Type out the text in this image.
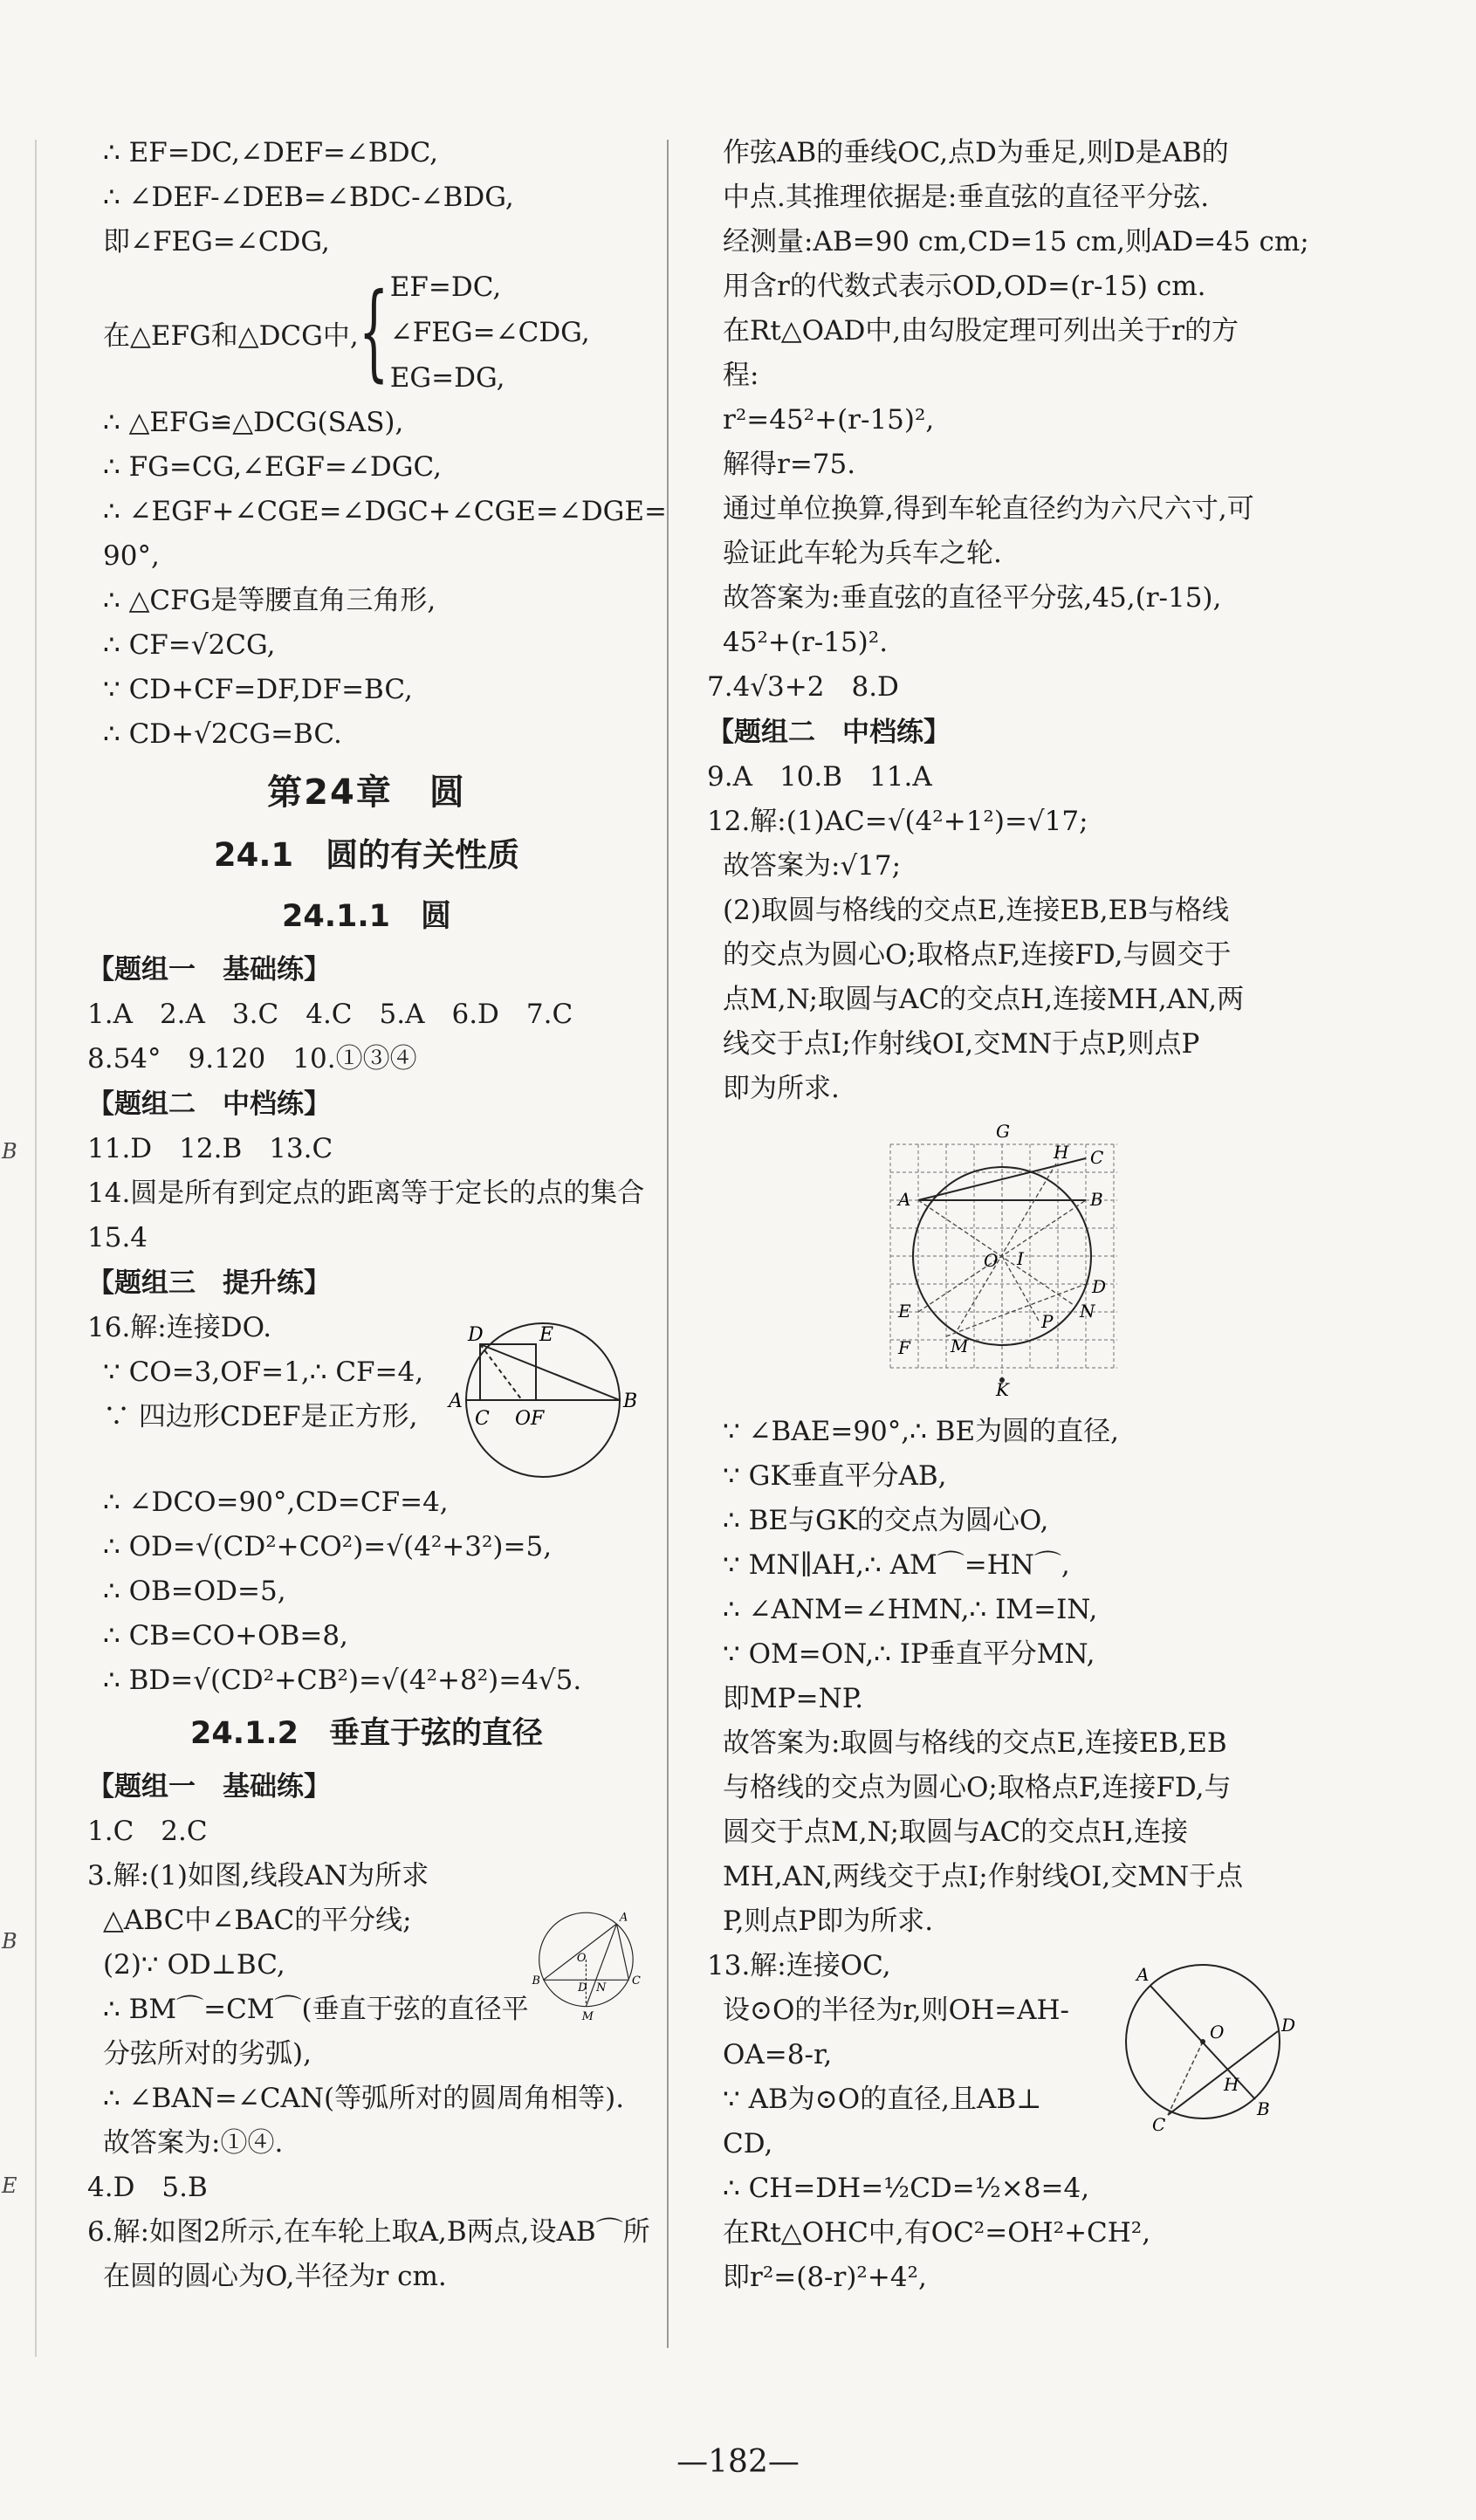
B
B
E
∴ EF=DC,∠DEF=∠BDC,
∴ ∠DEF-∠DEB=∠BDC-∠BDG,
即∠FEG=∠CDG,
在△EFG和△DCG中, { EF=DC,
∠FEG=∠CDG,
EG=DG,
∴ △EFG≌△DCG(SAS),
∴ FG=CG,∠EGF=∠DGC,
∴ ∠EGF+∠CGE=∠DGC+∠CGE=∠DGE=
90°,
∴ △CFG是等腰直角三角形,
∴ CF=√2CG,
∵ CD+CF=DF,DF=BC,
∴ CD+√2CG=BC.
第24章　圆
24.1　圆的有关性质
24.1.1　圆
【题组一　基础练】
1.A　2.A　3.C　4.C　5.A　6.D　7.C
8.54°　9.120　10.①③④
【题组二　中档练】
11.D　12.B　13.C
14.圆是所有到定点的距离等于定长的点的集合
15.4
【题组三　提升练】
16.解:连接DO.
∵ CO=3,OF=1,∴ CF=4,
∵ 四边形CDEF是正方形,
D	E
A
C O F
B
∴ ∠DCO=90°,CD=CF=4,
∴ OD=√(CD²+CO²)=√(4²+3²)=5,
∴ OB=OD=5,
∴ CB=CO+OB=8,
∴ BD=√(CD²+CB²)=√(4²+8²)=4√5.
24.1.2　垂直于弦的直径
【题组一　基础练】
1.C　2.C
3.解:(1)如图,线段AN为所求
△ABC中∠BAC的平分线;
(2)∵ OD⊥BC,
∴ BM⌒=CM⌒(垂直于弦的直径平
分弦所对的劣弧),
A
O
B
D N
C
M
∴ ∠BAN=∠CAN(等弧所对的圆周角相等).
故答案为:①④.
4.D　5.B
6.解:如图2所示,在车轮上取A,B两点,设AB⌒所
在圆的圆心为O,半径为r cm.
作弦AB的垂线OC,点D为垂足,则D是AB的
中点.其推理依据是:垂直弦的直径平分弦.
经测量:AB=90 cm,CD=15 cm,则AD=45 cm;
用含r的代数式表示OD,OD=(r-15) cm.
在Rt△OAD中,由勾股定理可列出关于r的方
程:
r²=45²+(r-15)²,
解得r=75.
通过单位换算,得到车轮直径约为六尺六寸,可
验证此车轮为兵车之轮.
故答案为:垂直弦的直径平分弦,45,(r-15),
45²+(r-15)².
7.4√3+2　8.D
【题组二　中档练】
9.A　10.B　11.A
12.解:(1)AC=√(4²+1²)=√17;
故答案为:√17;
(2)取圆与格线的交点E,连接EB,EB与格线
的交点为圆心O;取格点F,连接FD,与圆交于
点M,N;取圆与AC的交点H,连接MH,AN,两
线交于点I;作射线OI,交MN于点P,则点P
即为所求.
G
H C
A	B
O I
E
D
N
P
F M
K
∵ ∠BAE=90°,∴ BE为圆的直径,
∵ GK垂直平分AB,
∴ BE与GK的交点为圆心O,
∵ MN∥AH,∴ AM⌒=HN⌒,
∴ ∠ANM=∠HMN,∴ IM=IN,
∵ OM=ON,∴ IP垂直平分MN,
即MP=NP.
故答案为:取圆与格线的交点E,连接EB,EB
与格线的交点为圆心O;取格点F,连接FD,与
圆交于点M,N;取圆与AC的交点H,连接
MH,AN,两线交于点I;作射线OI,交MN于点
P,则点P即为所求.
13.解:连接OC,
设⊙O的半径为r,则OH=AH-
OA=8-r,
∵ AB为⊙O的直径,且AB⊥
CD,
A
O	D
H
C
B
∴ CH=DH=½CD=½×8=4,
在Rt△OHC中,有OC²=OH²+CH²,
即r²=(8-r)²+4²,
—182—
